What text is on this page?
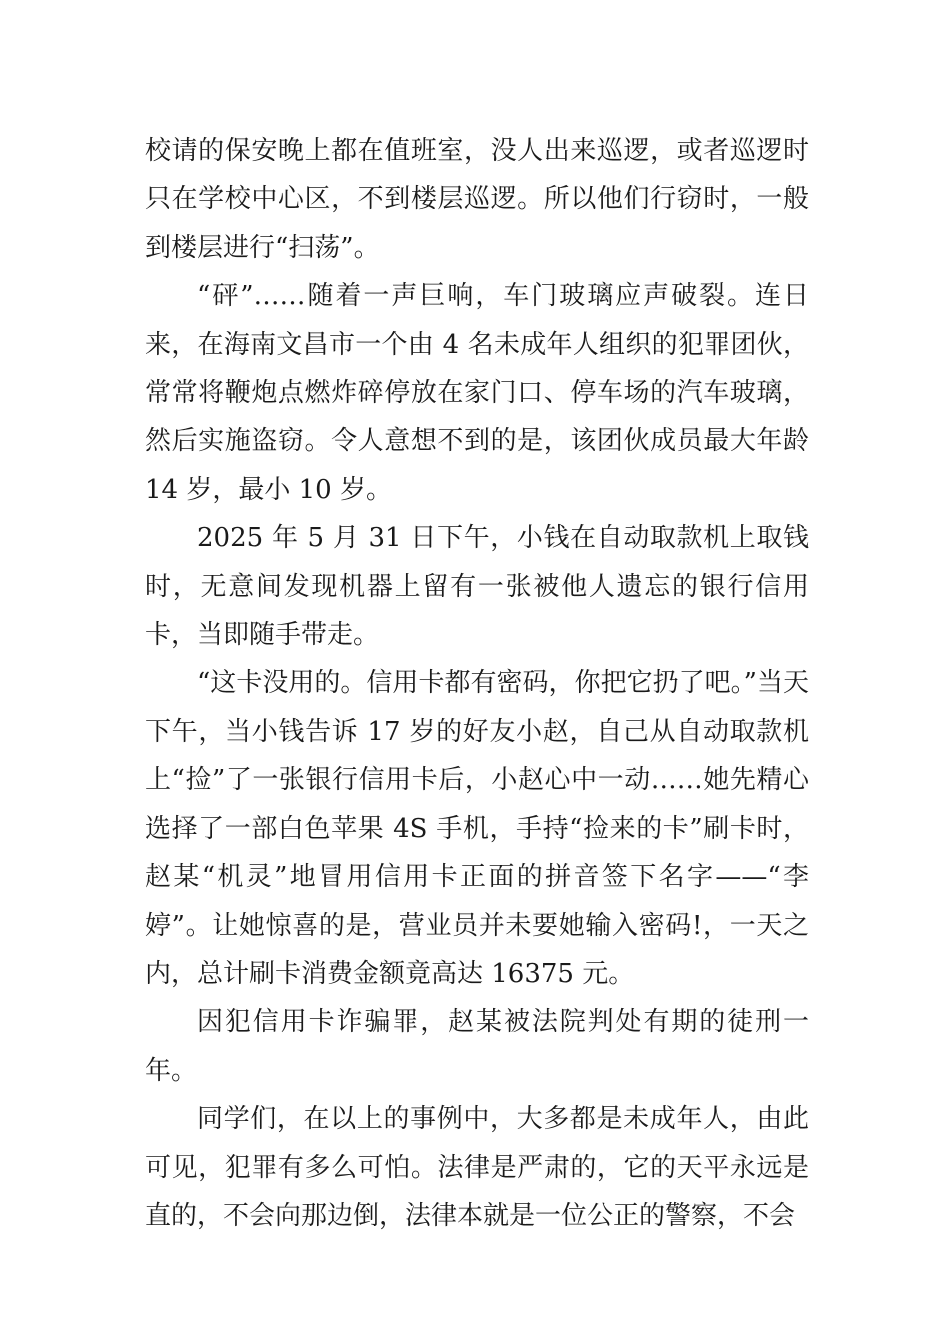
校请的保安晚上都在值班室，没人出来巡逻，或者巡逻时只在学校中心区，不到楼层巡逻。所以他们行窃时，一般到楼层进行“扫荡”。

“砰”……随着一声巨响，车门玻璃应声破裂。连日来，在海南文昌市一个由 4 名未成年人组织的犯罪团伙，常常将鞭炮点燃炸碎停放在家门口、停车场的汽车玻璃，然后实施盗窃。令人意想不到的是，该团伙成员最大年龄 14 岁，最小 10 岁。

2025 年 5 月 31 日下午，小钱在自动取款机上取钱时，无意间发现机器上留有一张被他人遗忘的银行信用卡，当即随手带走。

“这卡没用的。信用卡都有密码，你把它扔了吧。”当天下午，当小钱告诉 17 岁的好友小赵，自己从自动取款机上“捡”了一张银行信用卡后，小赵心中一动……她先精心选择了一部白色苹果 4S 手机，手持“捡来的卡”刷卡时，赵某“机灵”地冒用信用卡正面的拼音签下名字——“李婷”。让她惊喜的是，营业员并未要她输入密码!，一天之内，总计刷卡消费金额竟高达 16375 元。

因犯信用卡诈骗罪，赵某被法院判处有期的徒刑一年。

同学们，在以上的事例中，大多都是未成年人，由此可见，犯罪有多么可怕。法律是严肃的，它的天平永远是直的，不会向那边倒，法律本就是一位公正的警察，不会
